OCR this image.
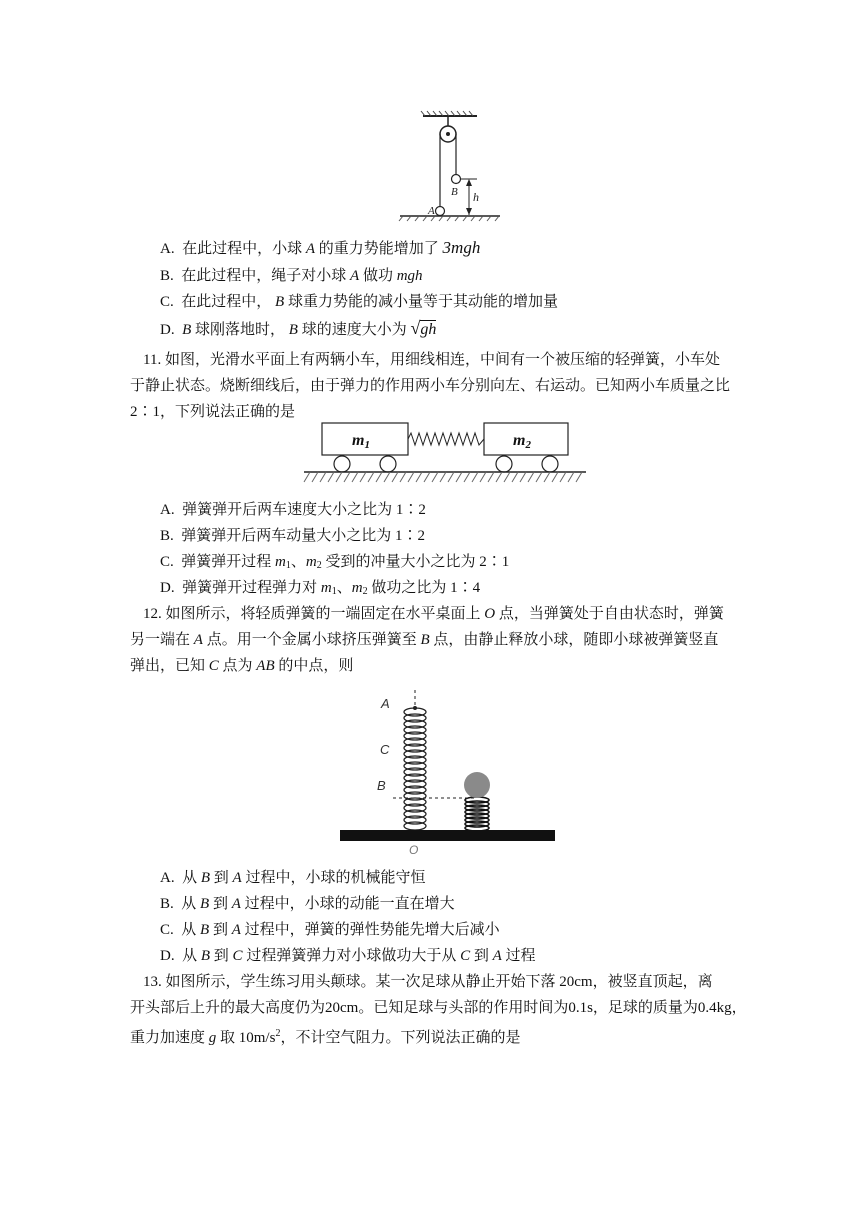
B
A
h
A. 在此过程中，小球 A 的重力势能增加了 3mgh
B. 在此过程中，绳子对小球 A 做功 mgh
C. 在此过程中， B 球重力势能的减小量等于其动能的增加量
D. B 球刚落地时， B 球的速度大小为 √gh
11. 如图，光滑水平面上有两辆小车，用细线相连，中间有一个被压缩的轻弹簧，小车处
于静止状态。烧断细线后，由于弹力的作用两小车分别向左、右运动。已知两小车质量之比
2∶1，下列说法正确的是
m1	m2
A. 弹簧弹开后两车速度大小之比为 1∶2
B. 弹簧弹开后两车动量大小之比为 1∶2
C. 弹簧弹开过程 $m_1$、$m_2$ 受到的冲量大小之比为 2∶1
D. 弹簧弹开过程弹力对 $m_1$、$m_2$ 做功之比为 1∶4
12. 如图所示，将轻质弹簧的一端固定在水平桌面上 O 点，当弹簧处于自由状态时，弹簧
另一端在 A 点。用一个金属小球挤压弹簧至 B 点，由静止释放小球，随即小球被弹簧竖直
弹出，已知 C 点为 AB 的中点，则
A
C
B
O
A. 从 B 到 A 过程中，小球的机械能守恒
B. 从 B 到 A 过程中，小球的动能一直在增大
C. 从 B 到 A 过程中，弹簧的弹性势能先增大后减小
D. 从 B 到 C 过程弹簧弹力对小球做功大于从 C 到 A 过程
13. 如图所示，学生练习用头颠球。某一次足球从静止开始下落 20cm，被竖直顶起，离
开头部后上升的最大高度仍为20cm。已知足球与头部的作用时间为0.1s，足球的质量为0.4kg，
重力加速度 g 取 $10m/s^2$，不计空气阻力。下列说法正确的是
